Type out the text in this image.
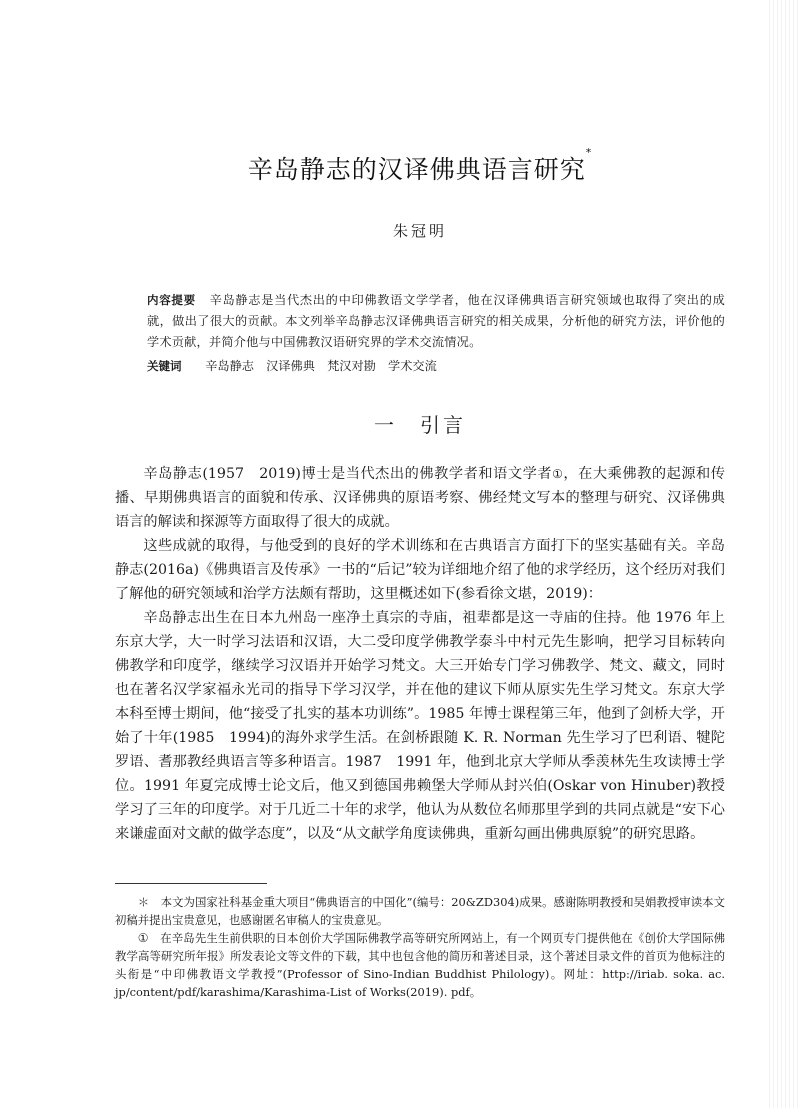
辛岛静志的汉译佛典语言研究*
朱冠明
内容提要 辛岛静志是当代杰出的中印佛教语文学学者，他在汉译佛典语言研究领域也取得了突出的成就，做出了很大的贡献。本文列举辛岛静志汉译佛典语言研究的相关成果，分析他的研究方法，评价他的学术贡献，并简介他与中国佛教汉语研究界的学术交流情况。
关键词 辛岛静志　汉译佛典　梵汉对勘　学术交流
一　引言

辛岛静志(1957　2019)博士是当代杰出的佛教学者和语文学者①，在大乘佛教的起源和传播、早期佛典语言的面貌和传承、汉译佛典的原语考察、佛经梵文写本的整理与研究、汉译佛典语言的解读和探源等方面取得了很大的成就。

这些成就的取得，与他受到的良好的学术训练和在古典语言方面打下的坚实基础有关。辛岛静志(2016a)《佛典语言及传承》一书的“后记”较为详细地介绍了他的求学经历，这个经历对我们了解他的研究领域和治学方法颇有帮助，这里概述如下(参看徐文堪，2019)：

辛岛静志出生在日本九州岛一座净土真宗的寺庙，祖辈都是这一寺庙的住持。他 1976 年上东京大学，大一时学习法语和汉语，大二受印度学佛教学泰斗中村元先生影响，把学习目标转向佛教学和印度学，继续学习汉语并开始学习梵文。大三开始专门学习佛教学、梵文、藏文，同时也在著名汉学家福永光司的指导下学习汉学，并在他的建议下师从原实先生学习梵文。东京大学本科至博士期间，他“接受了扎实的基本功训练”。1985 年博士课程第三年，他到了剑桥大学，开始了十年(1985　1994)的海外求学生活。在剑桥跟随 K. R. Norman 先生学习了巴利语、犍陀罗语、耆那教经典语言等多种语言。1987　1991 年，他到北京大学师从季羡林先生攻读博士学位。1991 年夏完成博士论文后，他又到德国弗赖堡大学师从封兴伯(Oskar von Hinuber)教授学习了三年的印度学。对于几近二十年的求学，他认为从数位名师那里学到的共同点就是“安下心来谦虚面对文献的做学态度”，以及“从文献学角度读佛典，重新勾画出佛典原貌”的研究思路。

＊　本文为国家社科基金重大项目“佛典语言的中国化”(编号：20&ZD304)成果。感谢陈明教授和吴娟教授审读本文初稿并提出宝贵意见，也感谢匿名审稿人的宝贵意见。

①　在辛岛先生生前供职的日本创价大学国际佛教学高等研究所网站上，有一个网页专门提供他在《创价大学国际佛教学高等研究所年报》所发表论文等文件的下载，其中也包含他的简历和著述目录，这个著述目录文件的首页为他标注的头衔是“中印佛教语文学教授”(Professor of Sino-Indian Buddhist Philology)。网址：http://iriab. soka. ac. jp/content/pdf/karashima/Karashima-List of Works(2019). pdf。
